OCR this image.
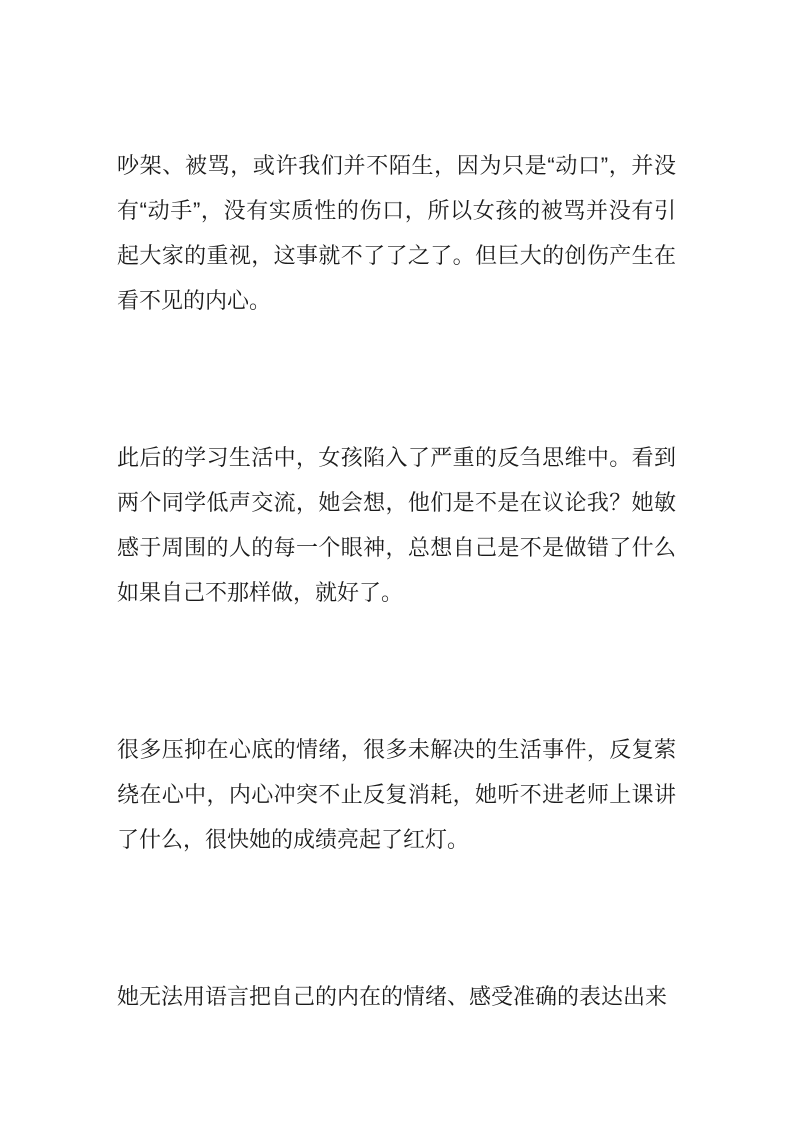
吵架、被骂，或许我们并不陌生，因为只是“动口”，并没有“动手”，没有实质性的伤口，所以女孩的被骂并没有引起大家的重视，这事就不了了之了。但巨大的创伤产生在看不见的内心。

此后的学习生活中，女孩陷入了严重的反刍思维中。看到两个同学低声交流，她会想，他们是不是在议论我？她敏感于周围的人的每一个眼神，总想自己是不是做错了什么如果自己不那样做，就好了。

很多压抑在心底的情绪，很多未解决的生活事件，反复萦绕在心中，内心冲突不止反复消耗，她听不进老师上课讲了什么，很快她的成绩亮起了红灯。

她无法用语言把自己的内在的情绪、感受准确的表达出来
